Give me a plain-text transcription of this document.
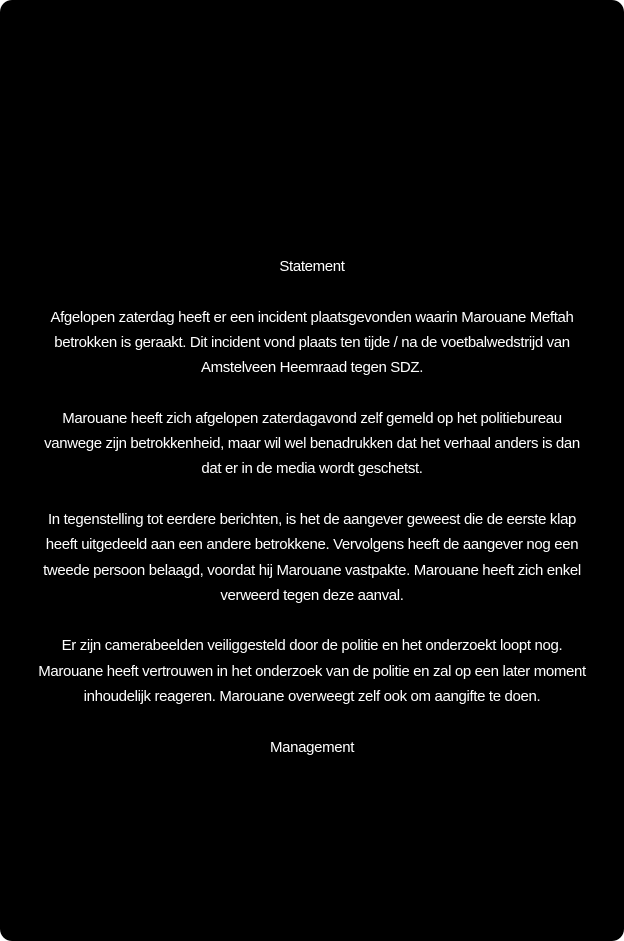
Statement
Afgelopen zaterdag heeft er een incident plaatsgevonden waarin Marouane Meftah
betrokken is geraakt. Dit incident vond plaats ten tijde / na de voetbalwedstrijd van
Amstelveen Heemraad tegen SDZ.
Marouane heeft zich afgelopen zaterdagavond zelf gemeld op het politiebureau
vanwege zijn betrokkenheid, maar wil wel benadrukken dat het verhaal anders is dan
dat er in de media wordt geschetst.
In tegenstelling tot eerdere berichten, is het de aangever geweest die de eerste klap
heeft uitgedeeld aan een andere betrokkene. Vervolgens heeft de aangever nog een
tweede persoon belaagd, voordat hij Marouane vastpakte. Marouane heeft zich enkel
verweerd tegen deze aanval.
Er zijn camerabeelden veiliggesteld door de politie en het onderzoekt loopt nog.
Marouane heeft vertrouwen in het onderzoek van de politie en zal op een later moment
inhoudelijk reageren. Marouane overweegt zelf ook om aangifte te doen.
Management
